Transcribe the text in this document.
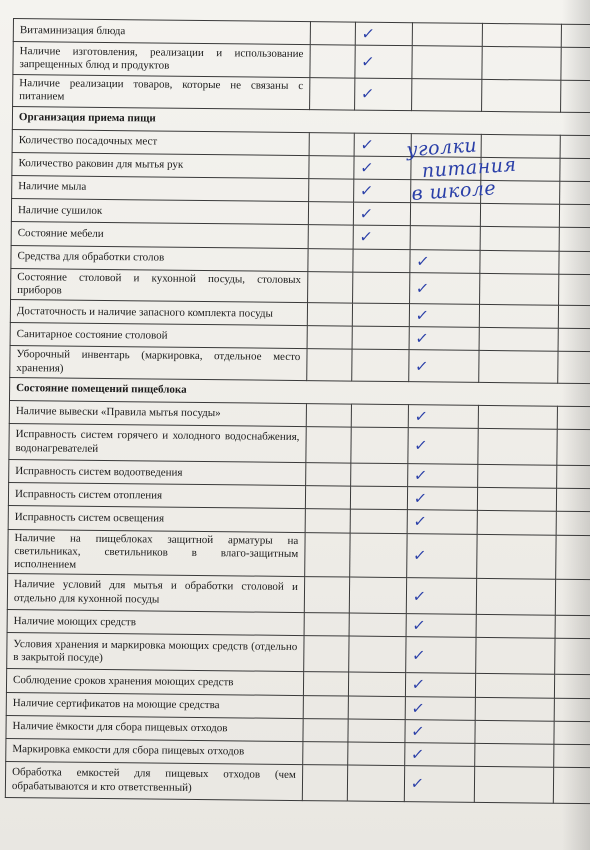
Витаминизация блюда		✓			
Наличие изготовления, реализации и использование запрещенных блюд и продуктов		✓			
Наличие реализации товаров, которые не связаны с питанием		✓			
Организация приема пищи					
Количество посадочных мест		✓			
Количество раковин для мытья рук		✓			
Наличие мыла		✓			
Наличие сушилок		✓			
Состояние мебели		✓			
Средства для обработки столов			✓		
Состояние столовой и кухонной посуды, столовых приборов			✓		
Достаточность и наличие запасного комплекта посуды			✓		
Санитарное состояние столовой			✓		
Уборочный инвентарь (маркировка, отдельное место хранения)			✓		
Состояние помещений пищеблока					
Наличие вывески «Правила мытья посуды»			✓		
Исправность систем горячего и холодного водоснабжения, водонагревателей			✓		
Исправность систем водоотведения			✓		
Исправность систем отопления			✓		
Исправность систем освещения			✓		
Наличие на пищеблоках защитной арматуры на светильниках, светильников в влаго-защитным исполнением			✓		
Наличие условий для мытья и обработки столовой и отдельно для кухонной посуды			✓		
Наличие моющих средств			✓		
Условия хранения и маркировка моющих средств (отдельно в закрытой посуде)			✓		
Соблюдение сроков хранения моющих средств			✓		
Наличие сертификатов на моющие средства			✓		
Наличие ёмкости для сбора пищевых отходов			✓		
Маркировка емкости для сбора пищевых отходов			✓		
Обработка емкостей для пищевых отходов (чем обрабатываются и кто ответственный)			✓		
уголки
питания
в школе
